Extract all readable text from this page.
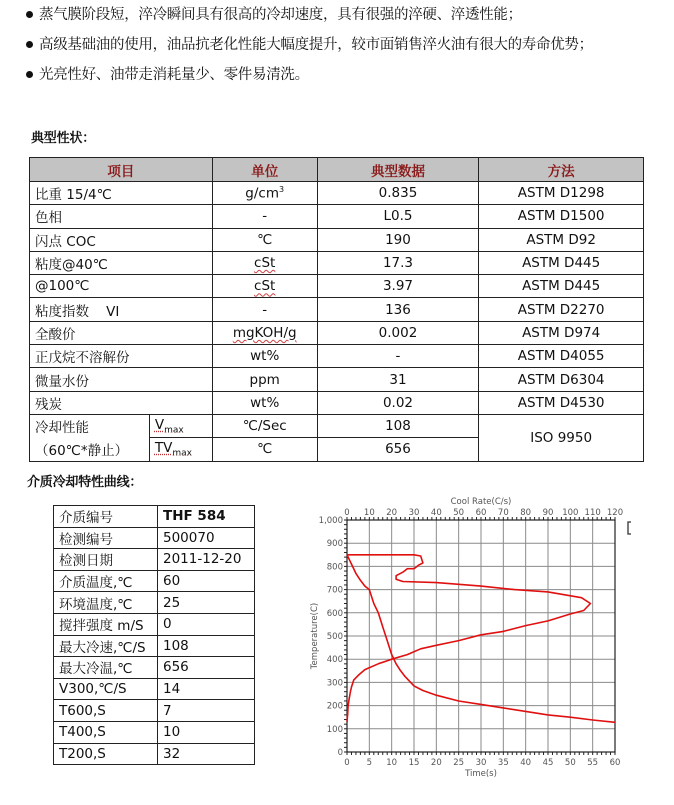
蒸气膜阶段短，淬冷瞬间具有很高的冷却速度，具有很强的淬硬、淬透性能；
高级基础油的使用，油品抗老化性能大幅度提升，较市面销售淬火油有很大的寿命优势；
光亮性好、油带走消耗量少、零件易清洗。
典型性状：
项目		单位	典型数据	方法
比重 15/4℃		$g/cm^3$	0.835	ASTM D1298
色相		-	L0.5	ASTM D1500
闪点 COC		℃	190	ASTM D92
粘度@40℃		cSt	17.3	ASTM D445
@100℃		cSt	3.97	ASTM D445
粘度指数    VI		-	136	ASTM D2270
全酸价		mgKOH/g	0.002	ASTM D974
正戊烷不溶解份		wt%	-	ASTM D4055
微量水份		ppm	31	ASTM D6304
残炭		wt%	0.02	ASTM D4530
冷却性能	$V_{max}$	℃/Sec	108	ISO 9950
（60℃*静止）	$TV_{max}$	℃	656	
介质冷却特性曲线：
介质编号	THF 584
检测编号	500070
检测日期	2011-12-20
介质温度,℃	60
环境温度,℃	25
搅拌强度 m/S	0
最大冷速,℃/S	108
最大冷温,℃	656
V300,℃/S	14
T600,S	7
T400,S	10
T200,S	32
0 5 10 15 20 25 30 35 40 45 50 55 60
0 10 20 30 40 50 60 70 80 90 100 110 120
0
100
200
300
400
500
600
700
800
900
1,000
Time(s)
Cool Rate(C/s)
Temperature(C)
